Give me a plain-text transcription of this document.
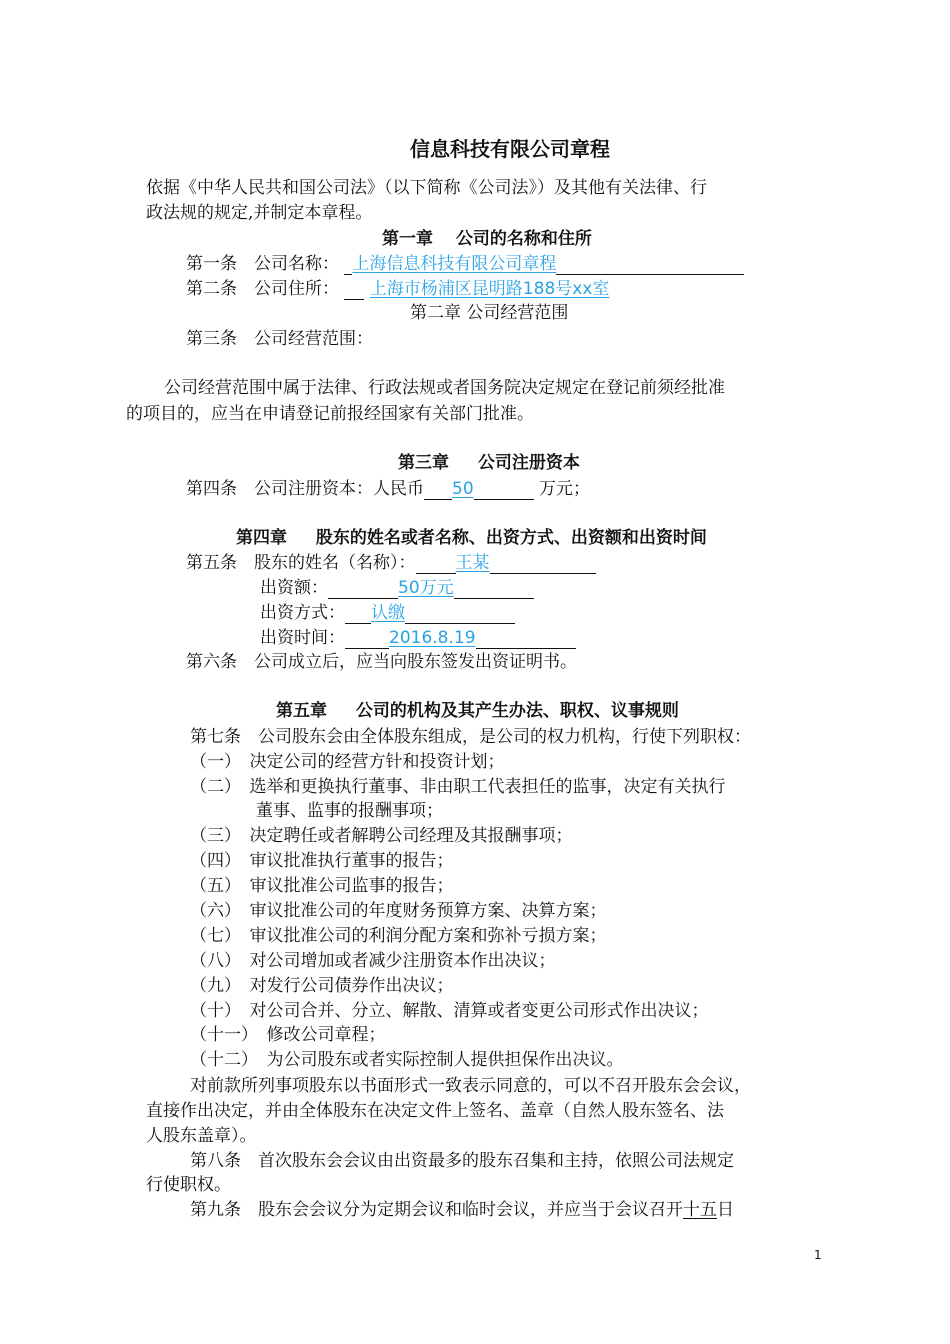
信息科技有限公司章程
依据《中华人民共和国公司法》（以下简称《公司法》）及其他有关法律、行
政法规的规定,并制定本章程。
第一章　 公司的名称和住所
第一条　公司名称： 上海信息科技有限公司章程
第二条　公司住所： 上海市杨浦区昆明路188号xx室
第二章 公司经营范围
第三条　公司经营范围：
公司经营范围中属于法律、行政法规或者国务院决定规定在登记前须经批准
的项目的，应当在申请登记前报经国家有关部门批准。
第三章 　 公司注册资本
第四条　公司注册资本：人民币 50	万元；
第四章 　 股东的姓名或者名称、出资方式、出资额和出资时间
第五条　股东的姓名（名称）： 王某
出资额：	50万元
出资方式： 认缴
出资时间：	2016.8.19
第六条　公司成立后，应当向股东签发出资证明书。
第五章 　 公司的机构及其产生办法、职权、议事规则
第七条　公司股东会由全体股东组成，是公司的权力机构，行使下列职权：
（一）　决定公司的经营方针和投资计划；
（二）　选举和更换执行董事、非由职工代表担任的监事，决定有关执行
董事、监事的报酬事项；
（三）　决定聘任或者解聘公司经理及其报酬事项；
（四）　审议批准执行董事的报告；
（五）　审议批准公司监事的报告；
（六）　审议批准公司的年度财务预算方案、决算方案；
（七）　审议批准公司的利润分配方案和弥补亏损方案；
（八）　对公司增加或者减少注册资本作出决议；
（九）　对发行公司债券作出决议；
（十）　对公司合并、分立、解散、清算或者变更公司形式作出决议；
（十一）　修改公司章程；
（十二）　为公司股东或者实际控制人提供担保作出决议。
对前款所列事项股东以书面形式一致表示同意的，可以不召开股东会会议，
直接作出决定，并由全体股东在决定文件上签名、盖章（自然人股东签名、法
人股东盖章）。
第八条　首次股东会会议由出资最多的股东召集和主持，依照公司法规定
行使职权。
第九条　股东会会议分为定期会议和临时会议，并应当于会议召开十五日
1
